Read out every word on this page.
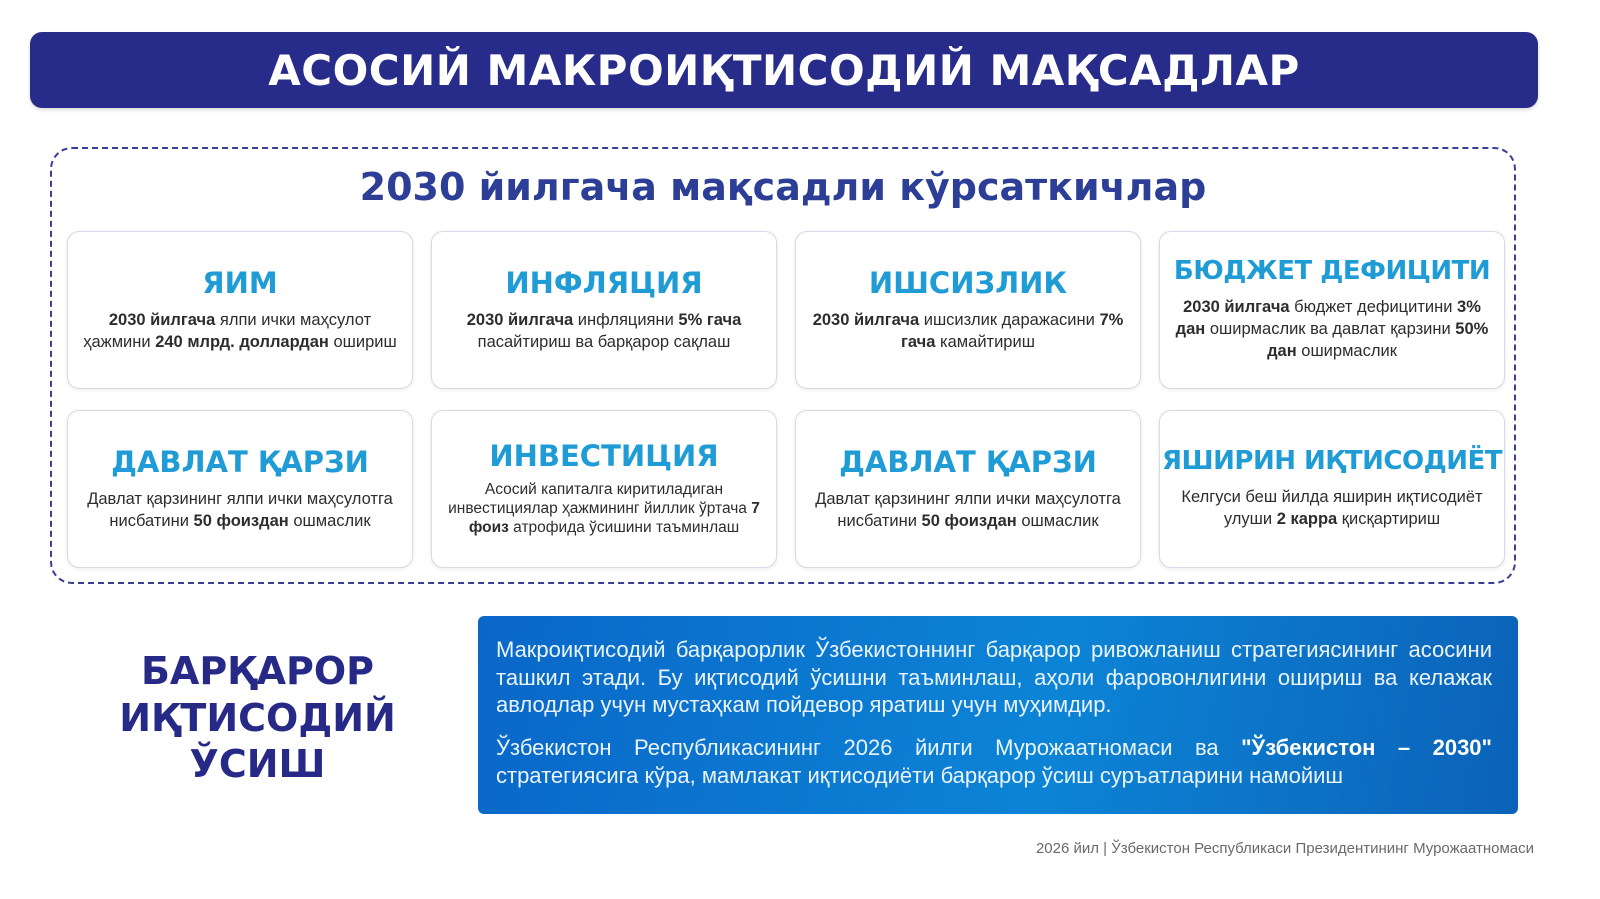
АСОСИЙ МАКРОИҚТИСОДИЙ МАҚСАДЛАР
2030 йилгача мақсадли кўрсаткичлар
ЯИМ
2030 йилгача ялпи ички маҳсулот ҳажмини 240 млрд. доллардан ошириш
ИНФЛЯЦИЯ
2030 йилгача инфляцияни 5% гача пасайтириш ва барқарор сақлаш
ИШСИЗЛИК
2030 йилгача ишсизлик даражасини 7% гача камайтириш
БЮДЖЕТ ДЕФИЦИТИ
2030 йилгача бюджет дефицитини 3% дан оширмаслик ва давлат қарзини 50% дан оширмаслик
ДАВЛАТ ҚАРЗИ
Давлат қарзининг ялпи ички маҳсулотга нисбатини 50 фоиздан ошмаслик
ИНВЕСТИЦИЯ
Асосий капиталга киритиладиган инвестициялар ҳажмининг йиллик ўртача 7 фоиз атрофида ўсишини таъминлаш
ДАВЛАТ ҚАРЗИ
Давлат қарзининг ялпи ички маҳсулотга нисбатини 50 фоиздан ошмаслик
ЯШИРИН ИҚТИСОДИЁТ
Келгуси беш йилда яширин иқтисодиёт улуши 2 карра қисқартириш
БАРҚАРОР
ИҚТИСОДИЙ
ЎСИШ

Макроиқтисодий барқарорлик Ўзбекистоннинг барқарор ривожланиш стратегиясининг асосини ташкил этади. Бу иқтисодий ўсишни таъминлаш, аҳоли фаровонлигини ошириш ва келажак авлодлар учун мустаҳкам пойдевор яратиш учун муҳимдир.

Ўзбекистон Республикасининг 2026 йилги Мурожаатномаси ва "Ўзбекистон – 2030" стратегиясига кўра, мамлакат иқтисодиёти барқарор ўсиш суръатларини намойиш

2026 йил | Ўзбекистон Республикаси Президентининг Мурожаатномаси
